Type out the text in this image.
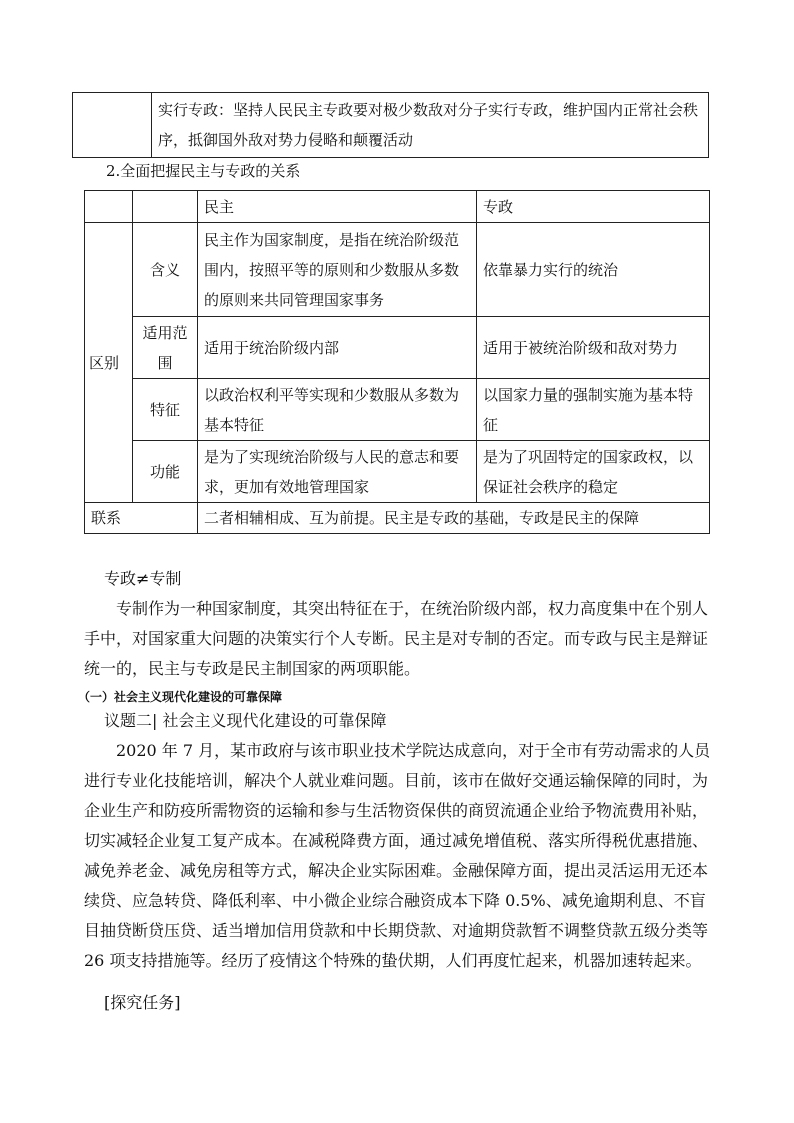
	实行专政：坚持人民民主专政要对极少数敌对分子实行专政，维护国内正常社会秩序，抵御国外敌对势力侵略和颠覆活动
2.全面把握民主与专政的关系
		民主	专政
区别	含义	民主作为国家制度，是指在统治阶级范围内，按照平等的原则和少数服从多数的原则来共同管理国家事务	依靠暴力实行的统治
	适用范围	适用于统治阶级内部	适用于被统治阶级和敌对势力
	特征	以政治权利平等实现和少数服从多数为基本特征	以国家力量的强制实施为基本特征
	功能	是为了实现统治阶级与人民的意志和要求，更加有效地管理国家	是为了巩固特定的国家政权，以保证社会秩序的稳定
联系		二者相辅相成、互为前提。民主是专政的基础，专政是民主的保障	
专政≠专制
专制作为一种国家制度，其突出特征在于，在统治阶级内部，权力高度集中在个别人手中，对国家重大问题的决策实行个人专断。民主是对专制的否定。而专政与民主是辩证统一的，民主与专政是民主制国家的两项职能。
（一）社会主义现代化建设的可靠保障
议题二| 社会主义现代化建设的可靠保障
2020 年 7 月，某市政府与该市职业技术学院达成意向，对于全市有劳动需求的人员进行专业化技能培训，解决个人就业难问题。目前，该市在做好交通运输保障的同时，为企业生产和防疫所需物资的运输和参与生活物资保供的商贸流通企业给予物流费用补贴，切实减轻企业复工复产成本。在减税降费方面，通过减免增值税、落实所得税优惠措施、减免养老金、减免房租等方式，解决企业实际困难。金融保障方面，提出灵活运用无还本续贷、应急转贷、降低利率、中小微企业综合融资成本下降 0.5%、减免逾期利息、不盲目抽贷断贷压贷、适当增加信用贷款和中长期贷款、对逾期贷款暂不调整贷款五级分类等 26 项支持措施等。经历了疫情这个特殊的蛰伏期，人们再度忙起来，机器加速转起来。
[探究任务]
